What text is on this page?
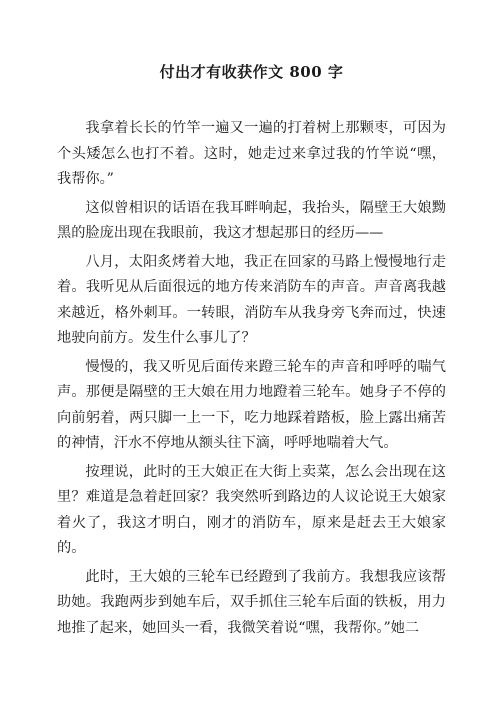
付出才有收获作文 800 字

我拿着长长的竹竿一遍又一遍的打着树上那颗枣，可因为个头矮怎么也打不着。这时，她走过来拿过我的竹竿说“嘿，我帮你。”

这似曾相识的话语在我耳畔响起，我抬头，隔壁王大娘黝黑的脸庞出现在我眼前，我这才想起那日的经历——

八月，太阳炙烤着大地，我正在回家的马路上慢慢地行走着。我听见从后面很远的地方传来消防车的声音。声音离我越来越近，格外刺耳。一转眼，消防车从我身旁飞奔而过，快速地驶向前方。发生什么事儿了？

慢慢的，我又听见后面传来蹬三轮车的声音和呼呼的喘气声。那便是隔壁的王大娘在用力地蹬着三轮车。她身子不停的向前躬着，两只脚一上一下，吃力地踩着踏板，脸上露出痛苦的神情，汗水不停地从额头往下滴，呼呼地喘着大气。

按理说，此时的王大娘正在大街上卖菜，怎么会出现在这里？难道是急着赶回家？我突然听到路边的人议论说王大娘家着火了，我这才明白，刚才的消防车，原来是赶去王大娘家的。

此时，王大娘的三轮车已经蹬到了我前方。我想我应该帮助她。我跑两步到她车后，双手抓住三轮车后面的铁板，用力地推了起来，她回头一看，我微笑着说“嘿，我帮你。”她二
